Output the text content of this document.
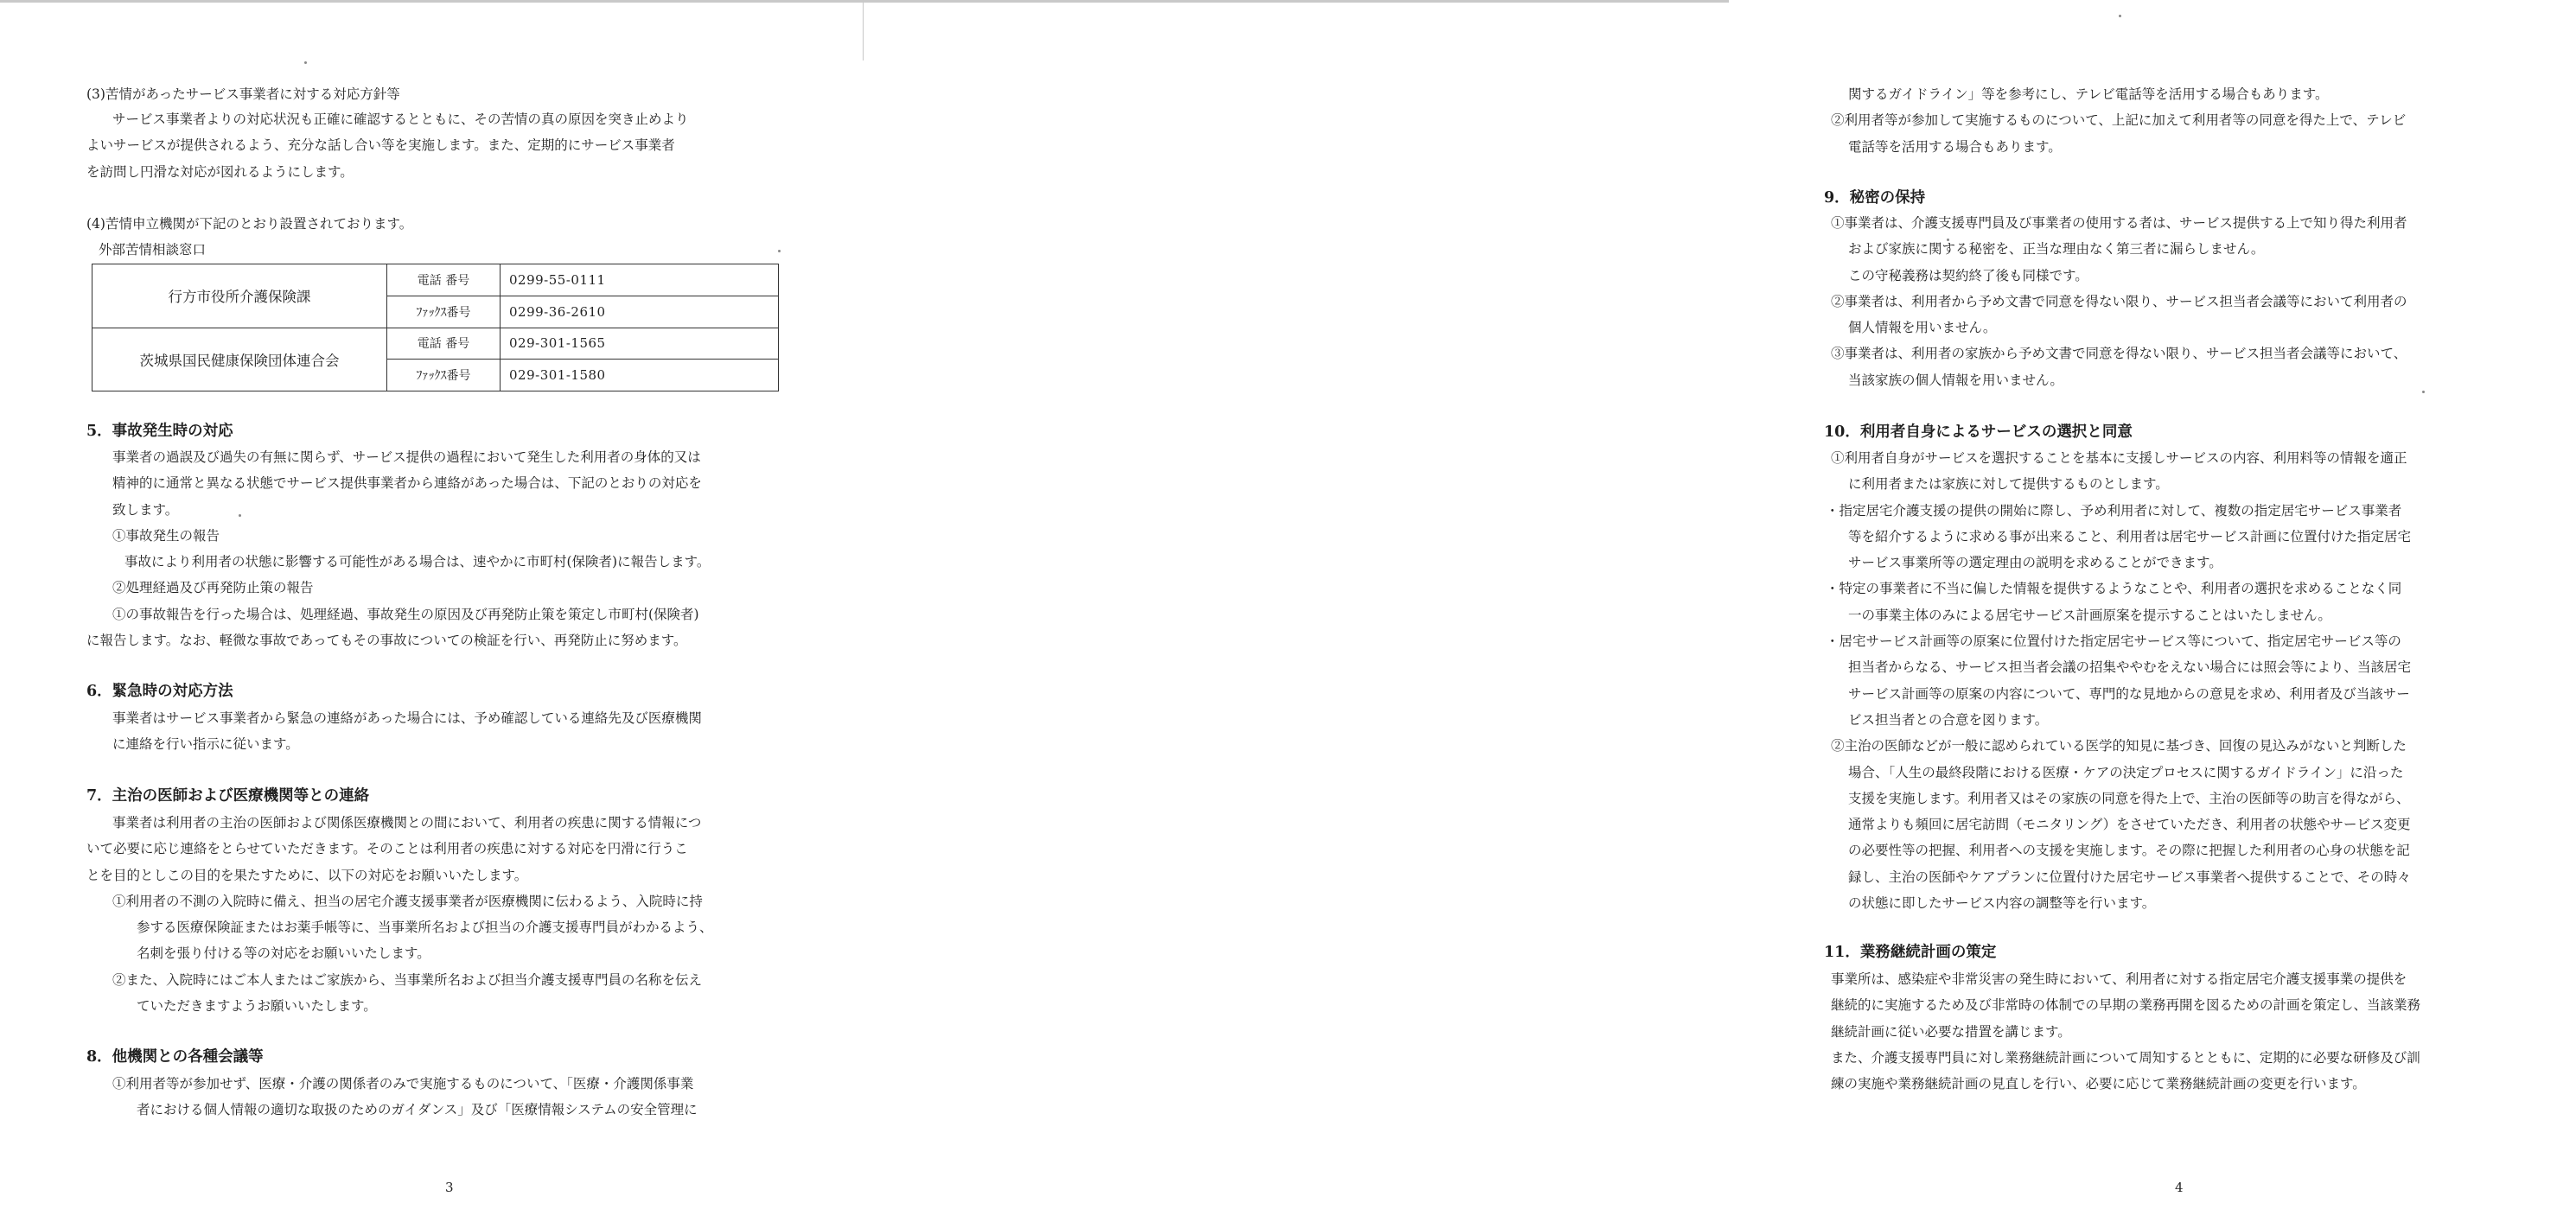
(3)苦情があったサービス事業者に対する対応方針等
サービス事業者よりの対応状況も正確に確認するとともに、その苦情の真の原因を突き止めより
よいサービスが提供されるよう、充分な話し合い等を実施します。また、定期的にサービス事業者
を訪問し円滑な対応が図れるようにします。
(4)苦情申立機関が下記のとおり設置されております。
外部苦情相談窓口
行方市役所介護保険課	電話 番号	0299-55-0111
	ﾌｧｯｸｽ番号	0299-36-2610
茨城県国民健康保険団体連合会	電話 番号	029-301-1565
	ﾌｧｯｸｽ番号	029-301-1580
5．事故発生時の対応
事業者の過誤及び過失の有無に関らず、サービス提供の過程において発生した利用者の身体的又は
精神的に通常と異なる状態でサービス提供事業者から連絡があった場合は、下記のとおりの対応を
致します。
①事故発生の報告
事故により利用者の状態に影響する可能性がある場合は、速やかに市町村(保険者)に報告します。
②処理経過及び再発防止策の報告
①の事故報告を行った場合は、処理経過、事故発生の原因及び再発防止策を策定し市町村(保険者)
に報告します。なお、軽微な事故であってもその事故についての検証を行い、再発防止に努めます。
6．緊急時の対応方法
事業者はサービス事業者から緊急の連絡があった場合には、予め確認している連絡先及び医療機関
に連絡を行い指示に従います。
7．主治の医師および医療機関等との連絡
事業者は利用者の主治の医師および関係医療機関との間において、利用者の疾患に関する情報につ
いて必要に応じ連絡をとらせていただきます。そのことは利用者の疾患に対する対応を円滑に行うこ
とを目的としこの目的を果たすために、以下の対応をお願いいたします。
①利用者の不測の入院時に備え、担当の居宅介護支援事業者が医療機関に伝わるよう、入院時に持
参する医療保険証またはお薬手帳等に、当事業所名および担当の介護支援専門員がわかるよう、
名刺を張り付ける等の対応をお願いいたします。
②また、入院時にはご本人またはご家族から、当事業所名および担当介護支援専門員の名称を伝え
ていただきますようお願いいたします。
8．他機関との各種会議等
①利用者等が参加せず、医療・介護の関係者のみで実施するものについて、「医療・介護関係事業
者における個人情報の適切な取扱のためのガイダンス」及び「医療情報システムの安全管理に
3
関するガイドライン」等を参考にし、テレビ電話等を活用する場合もあります。
②利用者等が参加して実施するものについて、上記に加えて利用者等の同意を得た上で、テレビ
電話等を活用する場合もあります。
9．秘密の保持
①事業者は、介護支援専門員及び事業者の使用する者は、サービス提供する上で知り得た利用者
および家族に関する秘密を、正当な理由なく第三者に漏らしません。
この守秘義務は契約終了後も同様です。
②事業者は、利用者から予め文書で同意を得ない限り、サービス担当者会議等において利用者の
個人情報を用いません。
③事業者は、利用者の家族から予め文書で同意を得ない限り、サービス担当者会議等において、
当該家族の個人情報を用いません。
10．利用者自身によるサービスの選択と同意
①利用者自身がサービスを選択することを基本に支援しサービスの内容、利用料等の情報を適正
に利用者または家族に対して提供するものとします。
・指定居宅介護支援の提供の開始に際し、予め利用者に対して、複数の指定居宅サービス事業者
等を紹介するように求める事が出来ること、利用者は居宅サービス計画に位置付けた指定居宅
サービス事業所等の選定理由の説明を求めることができます。
・特定の事業者に不当に偏した情報を提供するようなことや、利用者の選択を求めることなく同
一の事業主体のみによる居宅サービス計画原案を提示することはいたしません。
・居宅サービス計画等の原案に位置付けた指定居宅サービス等について、指定居宅サービス等の
担当者からなる、サービス担当者会議の招集ややむをえない場合には照会等により、当該居宅
サービス計画等の原案の内容について、専門的な見地からの意見を求め、利用者及び当該サー
ビス担当者との合意を図ります。
②主治の医師などが一般に認められている医学的知見に基づき、回復の見込みがないと判断した
場合、「人生の最終段階における医療・ケアの決定プロセスに関するガイドライン」に沿った
支援を実施します。利用者又はその家族の同意を得た上で、主治の医師等の助言を得ながら、
通常よりも頻回に居宅訪問（モニタリング）をさせていただき、利用者の状態やサービス変更
の必要性等の把握、利用者への支援を実施します。その際に把握した利用者の心身の状態を記
録し、主治の医師やケアプランに位置付けた居宅サービス事業者へ提供することで、その時々
の状態に即したサービス内容の調整等を行います。
11．業務継続計画の策定
事業所は、感染症や非常災害の発生時において、利用者に対する指定居宅介護支援事業の提供を
継続的に実施するため及び非常時の体制での早期の業務再開を図るための計画を策定し、当該業務
継続計画に従い必要な措置を講じます。
また、介護支援専門員に対し業務継続計画について周知するとともに、定期的に必要な研修及び訓
練の実施や業務継続計画の見直しを行い、必要に応じて業務継続計画の変更を行います。
4
